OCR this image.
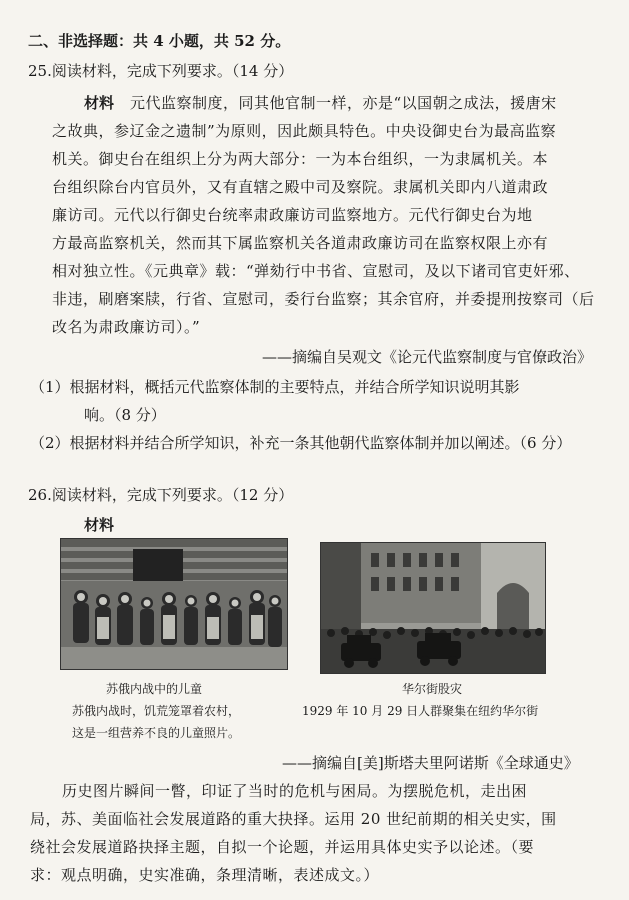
二、非选择题：共 4 小题，共 52 分。
25.阅读材料，完成下列要求。（14 分）
材料 元代监察制度，同其他官制一样，亦是“以国朝之成法，援唐宋
之故典，参辽金之遗制”为原则，因此颇具特色。中央设御史台为最高监察
机关。御史台在组织上分为两大部分：一为本台组织，一为隶属机关。本
台组织除台内官员外，又有直辖之殿中司及察院。隶属机关即内八道肃政
廉访司。元代以行御史台统率肃政廉访司监察地方。元代行御史台为地
方最高监察机关，然而其下属监察机关各道肃政廉访司在监察权限上亦有
相对独立性。《元典章》载：“弹劾行中书省、宣慰司，及以下诸司官吏奸邪、
非违，刷磨案牍，行省、宣慰司，委行台监察；其余官府，并委提刑按察司（后
改名为肃政廉访司）。”
——摘编自吴观文《论元代监察制度与官僚政治》
（1）根据材料，概括元代监察体制的主要特点，并结合所学知识说明其影
响。（8 分）
（2）根据材料并结合所学知识，补充一条其他朝代监察体制并加以阐述。（6 分）
26.阅读材料，完成下列要求。（12 分）
材料
苏俄内战中的儿童
苏俄内战时，饥荒笼罩着农村，
这是一组营养不良的儿童照片。
华尔街股灾
1929 年 10 月 29 日人群聚集在纽约华尔街
——摘编自[美]斯塔夫里阿诺斯《全球通史》
历史图片瞬间一瞥，印证了当时的危机与困局。为摆脱危机，走出困
局，苏、美面临社会发展道路的重大抉择。运用 20 世纪前期的相关史实，围
绕社会发展道路抉择主题，自拟一个论题，并运用具体史实予以论述。（要
求：观点明确，史实准确，条理清晰，表述成文。）
